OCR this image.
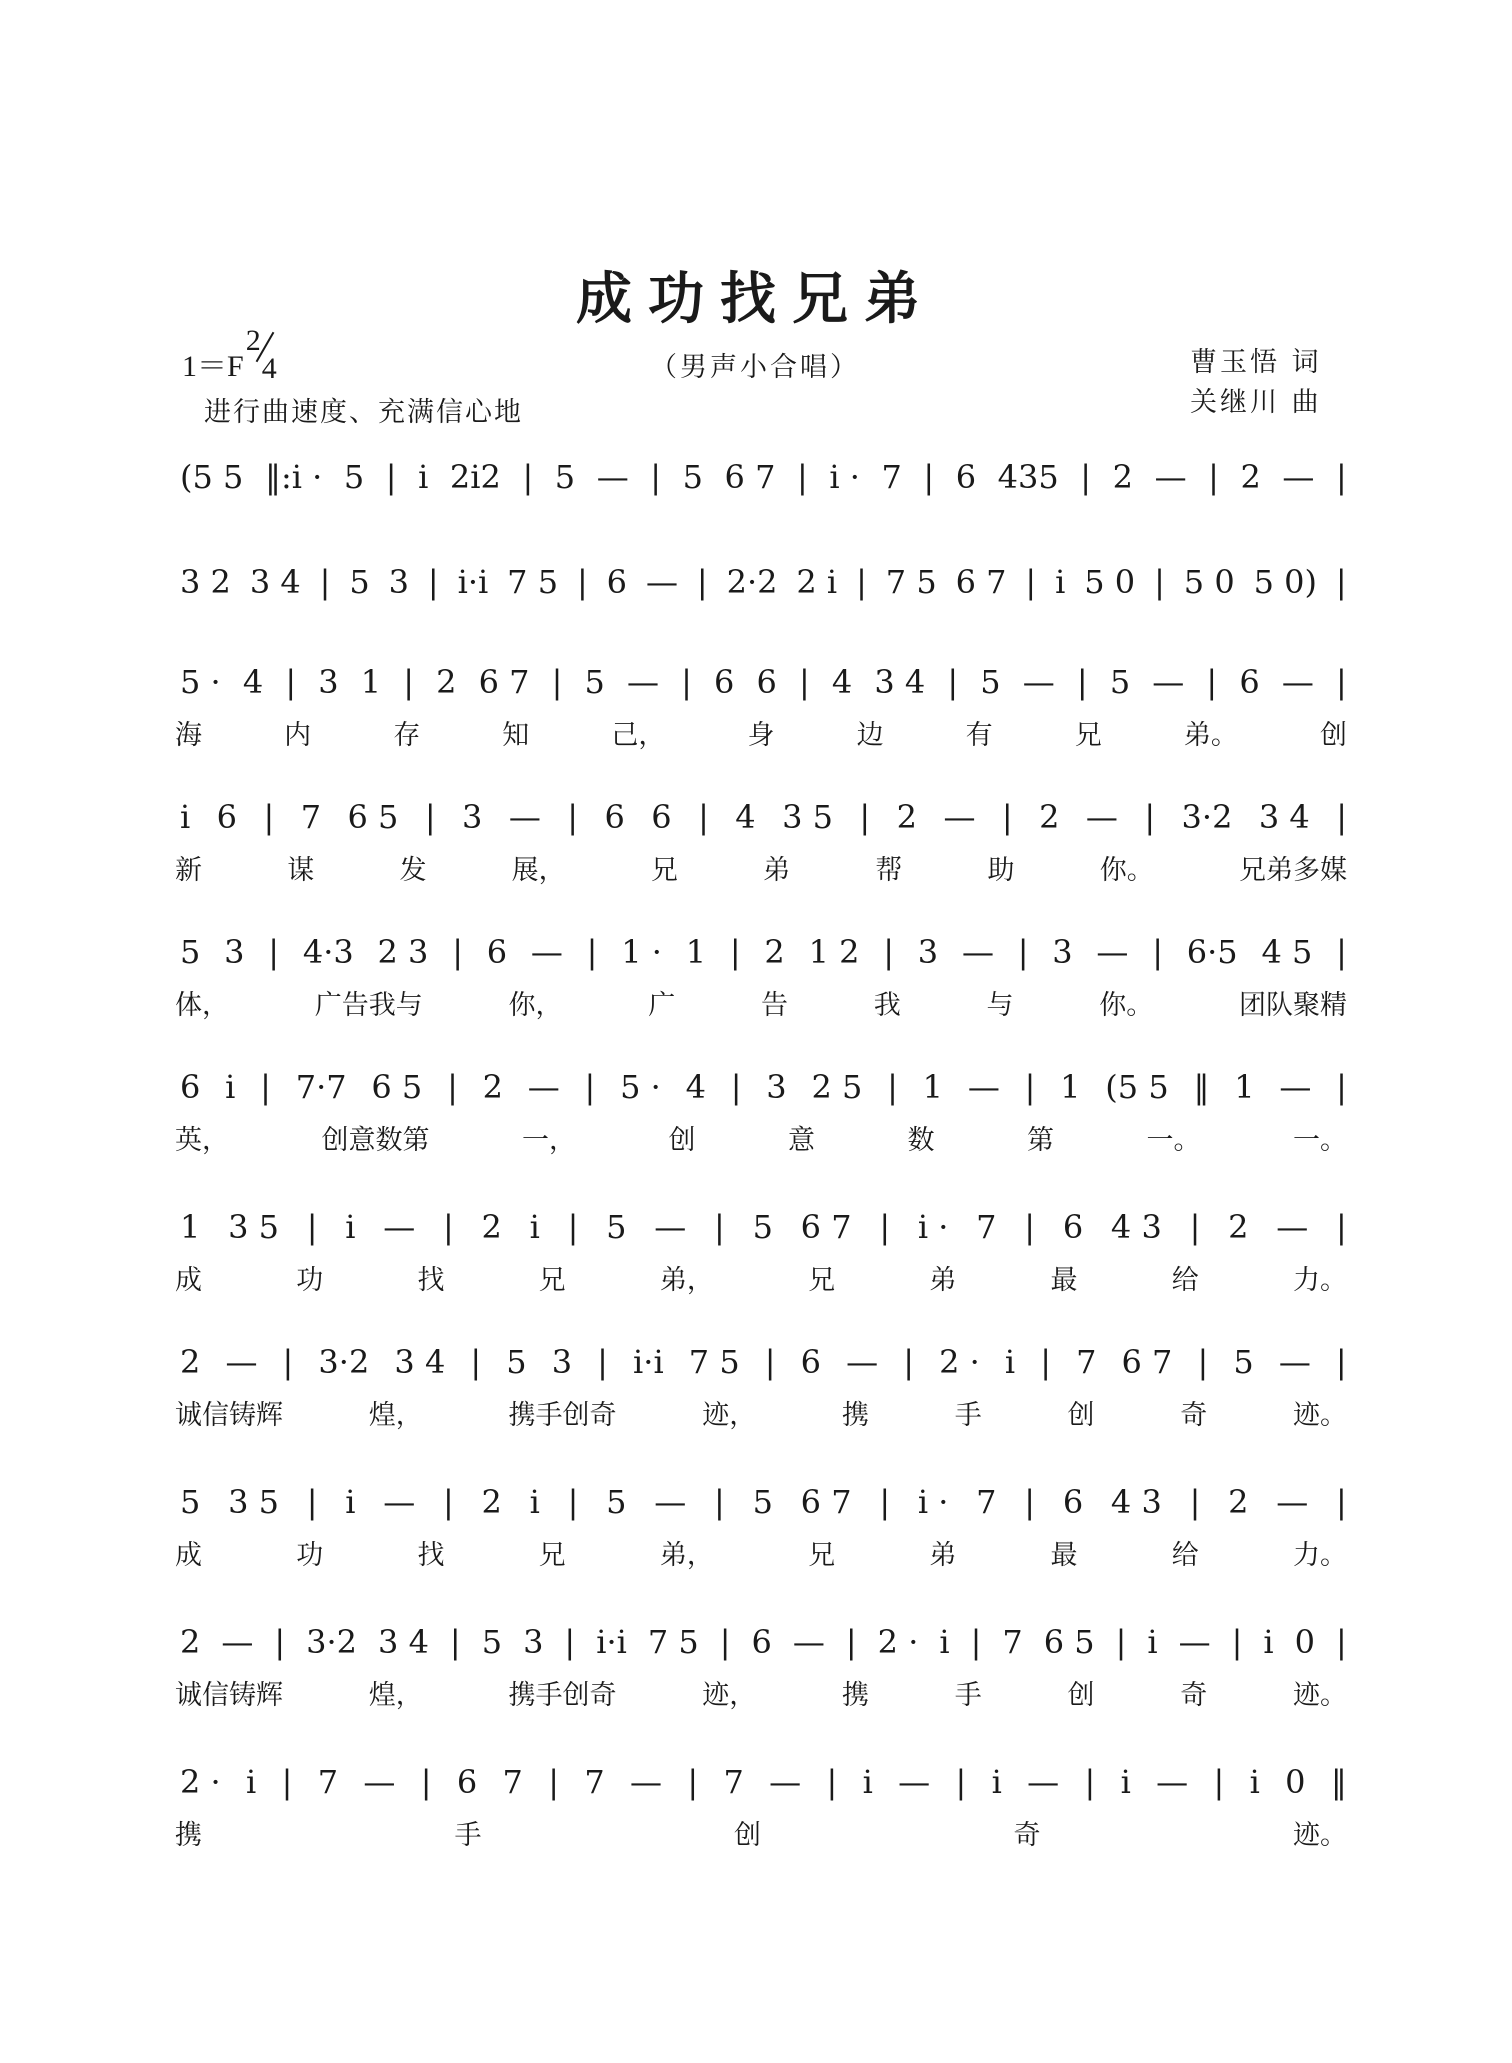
成功找兄弟
1＝F
2
4	（男声小合唱）	曹玉悟 词
关继川 曲
进行曲速度、充满信心地
(5 5 ‖:i · 5 | i 2i2 | 5 — | 5 6 7 | i · 7 | 6 435 | 2 — | 2 — |
3 2 3 4 | 5 3 | i·i 7 5 | 6 — | 2·2 2 i | 7 5 6 7 | i 5 0 | 5 0 5 0) |
5 · 4 | 3 1 | 2 6 7 | 5 — | 6 6 | 4 3 4 | 5 — | 5 — | 6 — |
海	内	存	知	己，	身	边	有	兄	弟。	创
i 6 | 7 6 5 | 3 — | 6 6 | 4 3 5 | 2 — | 2 — | 3·2 3 4 |
新	谋	发	展，	兄	弟	帮	助	你。	兄弟多媒
5 3 | 4·3 2 3 | 6 — | 1 · 1 | 2 1 2 | 3 — | 3 — | 6·5 4 5 |
体，	广告我与	你，	广	告	我	与	你。	团队聚精
6 i | 7·7 6 5 | 2 — | 5 · 4 | 3 2 5 | 1 — | 1 (5 5 ‖ 1 — |
英，	创意数第	一，	创	意	数	第	一。	一。
1 3 5 | i — | 2 i | 5 — | 5 6 7 | i · 7 | 6 4 3 | 2 — |
成	功	找	兄	弟，	兄	弟	最	给	力。
2 — | 3·2 3 4 | 5 3 | i·i 7 5 | 6 — | 2 · i | 7 6 7 | 5 — |
诚信铸辉	煌，	携手创奇	迹，	携	手	创	奇	迹。
5 3 5 | i — | 2 i | 5 — | 5 6 7 | i · 7 | 6 4 3 | 2 — |
成	功	找	兄	弟，	兄	弟	最	给	力。
2 — | 3·2 3 4 | 5 3 | i·i 7 5 | 6 — | 2 · i | 7 6 5 | i — | i 0 |
诚信铸辉	煌，	携手创奇	迹，	携	手	创	奇	迹。
2 · i | 7 — | 6 7 | 7 — | 7 — | i — | i — | i — | i 0 ‖
携	手	创	奇	迹。
